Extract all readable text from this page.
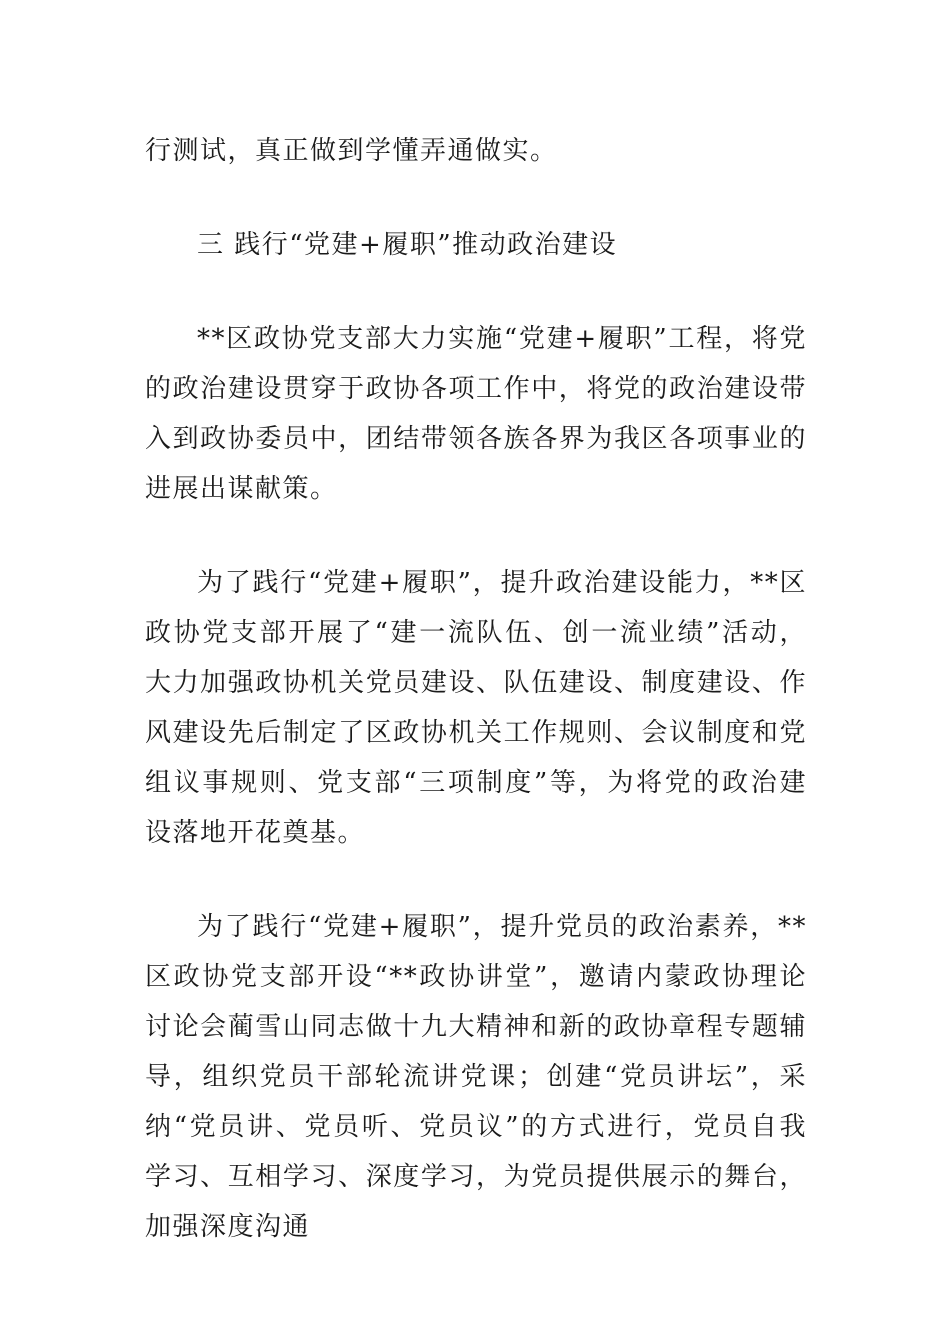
行测试，真正做到学懂弄通做实。

三 践行“党建+履职”推动政治建设

**区政协党支部大力实施“党建+履职”工程，将党的政治建设贯穿于政协各项工作中，将党的政治建设带入到政协委员中，团结带领各族各界为我区各项事业的进展出谋献策。

为了践行“党建+履职”，提升政治建设能力，**区政协党支部开展了“建一流队伍、创一流业绩”活动，大力加强政协机关党员建设、队伍建设、制度建设、作风建设先后制定了区政协机关工作规则、会议制度和党组议事规则、党支部“三项制度”等，为将党的政治建设落地开花奠基。

为了践行“党建+履职”，提升党员的政治素养，**区政协党支部开设“**政协讲堂”，邀请内蒙政协理论讨论会蔺雪山同志做十九大精神和新的政协章程专题辅导，组织党员干部轮流讲党课；创建“党员讲坛”，采纳“党员讲、党员听、党员议”的方式进行，党员自我学习、互相学习、深度学习，为党员提供展示的舞台，加强深度沟通
